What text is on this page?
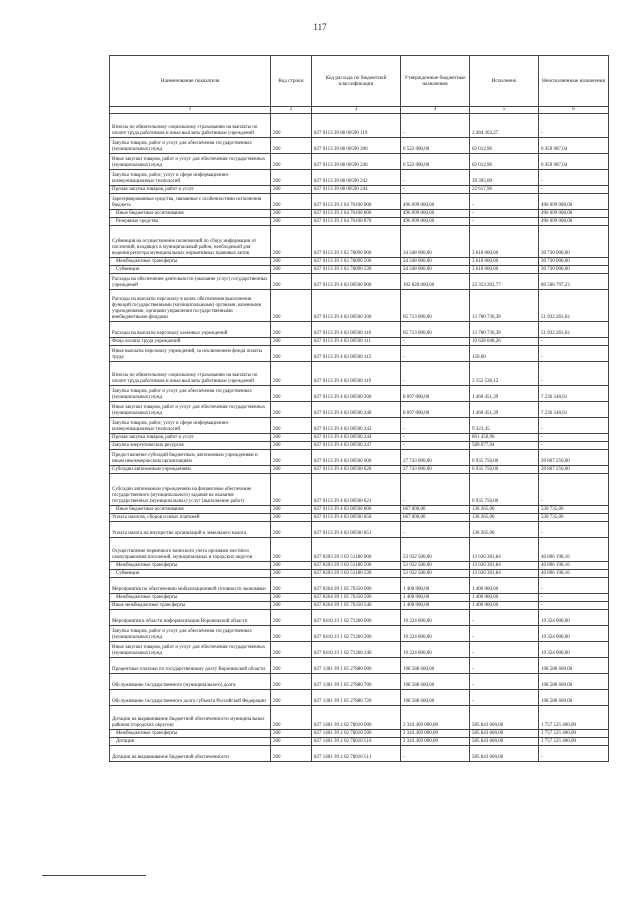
117
Наименование показателя	Код строки	Код расхода по бюджетной классификации	Утвержденные бюджетные назначения	Исполнено	Неисполненные назначения
1	2	3	4	5	6
Взносы по обязательному социальному страхованию на выплаты по оплате труда работников и иные выплаты работникам учреждений	200	827 0113 39 08 00590 119	-	2 284 303,27	-
Закупка товаров, работ и услуг для обеспечения государственных (муниципальных) нужд	200	827 0113 39 08 00590 200	6 522 000,00	62 012,96	6 459 987,04
Иные закупки товаров, работ и услуг для обеспечения государственных (муниципальных) нужд	200	827 0113 39 08 00590 240	6 522 000,00	62 012,96	6 459 987,04
Закупка товаров, работ, услуг в сфере информационно-коммуникационных технологий	200	827 0113 39 08 00590 242	-	39 395,00	-
Прочая закупка товаров, работ и услуг	200	827 0113 39 08 00590 244	-	22 617,96	-
Зарезервированные средства, связанные с особенностями исполнения бюджета	200	827 0113 39 2 04 70100 000	496 099 000,00	-	496 099 000,00
Иные бюджетные ассигнования	200	827 0113 39 2 04 70100 800	496 099 000,00	-	496 099 000,00
Резервные средства	200	827 0113 39 2 04 70100 870	496 099 000,00	-	496 099 000,00
Субвенция на осуществление полномочий по сбору информации от поселений, входящих в муниципальный район, необходимой для ведения регистра муниципальных нормативных правовых актов	200	827 0113 39 3 02 78090 000	34 348 000,00	3 618 000,00	30 730 000,00
Межбюджетные трансферты	200	827 0113 39 3 02 78090 500	34 348 000,00	3 618 000,00	30 730 000,00
Субвенции	200	827 0113 39 3 02 78090 530	34 348 000,00	3 618 000,00	30 730 000,00
Расходы на обеспечение деятельности (оказание услуг) государственных учреждений	200	827 0113 39 4 03 00590 000	102 820 000,00	22 313 202,77	80 506 797,23
Расходы на выплаты персоналу в целях обеспечения выполнения функций государственными (муниципальными) органами, казенными учреждениями, органами управления государственными внебюджетными фондами	200	827 0113 39 4 03 00590 100	65 713 000,00	13 780 736,38	51 932 263,62
Расходы на выплаты персоналу казенных учреждений	200	827 0113 39 4 03 00590 110	65 713 000,00	13 780 736,38	51 932 263,62
Фонд оплаты труда учреждений	200	827 0113 39 4 03 00590 111	-	10 628 048,26	-
Иные выплаты персоналу учреждений, за исключением фонда оплаты труда	200	827 0113 39 4 03 00590 112	-	150,00	-
Взносы по обязательному социальному страхованию на выплаты по оплате труда работников и иные выплаты работникам учреждений	200	827 0113 39 4 03 00590 119	-	3 152 538,12	-
Закупка товаров, работ и услуг для обеспечения государственных (муниципальных) нужд	200	827 0113 39 4 03 00590 200	8 697 000,00	1 460 451,39	7 236 548,61
Иные закупки товаров, работ и услуг для обеспечения государственных (муниципальных) нужд	200	827 0113 39 4 03 00590 240	8 697 000,00	1 460 451,39	7 236 548,61
Закупка товаров, работ, услуг в сфере информационно-коммуникационных технологий	200	827 0113 39 4 03 00590 242	-	9 323,45	-
Прочая закупка товаров, работ и услуг	200	827 0113 39 4 03 00590 244	-	861 450,90	-
Закупка энергетических ресурсов	200	827 0113 39 4 03 00590 247	-	589 677,04	-
Предоставление субсидий бюджетным, автономным учреждениям и иным некоммерческим организациям	200	827 0113 39 4 03 00590 600	27 743 000,00	6 935 750,00	20 807 250,00
Субсидии автономным учреждениям	200	827 0113 39 4 03 00590 620	27 743 000,00	6 935 750,00	20 807 250,00
Субсидии автономным учреждениям на финансовое обеспечение государственного (муниципального) задания на оказание государственных (муниципальных) услуг (выполнение работ)	200	827 0113 39 4 03 00590 621	-	6 935 750,00	-
Иные бюджетные ассигнования	200	827 0113 39 4 03 00590 800	667 000,00	136 265,00	530 735,00
Уплата налогов, сборов и иных платежей	200	827 0113 39 4 03 00590 850	667 000,00	136 265,00	530 735,00
Уплата налога на имущество организаций и земельного налога	200	827 0113 39 4 03 00590 851	-	136 265,00	-
Осуществление первичного воинского учета органами местного самоуправления поселений, муниципальных и городских округов	200	827 0203 39 3 03 51180 000	53 932 500,00	13 036 301,84	40 896 198,16
Межбюджетные трансферты	200	827 0203 39 3 03 51180 500	53 932 500,00	13 036 301,84	40 896 198,16
Субвенции	200	827 0203 39 3 03 51180 530	53 932 500,00	13 036 301,84	40 896 198,16
Мероприятия по обеспечению мобилизационной готовности экономики	200	827 0204 39 1 05 70350 000	1 400 000,00	1 400 000,00	-
Межбюджетные трансферты	200	827 0204 39 1 05 70350 500	1 400 000,00	1 400 000,00	-
Иные межбюджетные трансферты	200	827 0204 39 1 05 70350 540	1 400 000,00	1 400 000,00	-
Мероприятия в области информатизации Воронежской области	200	827 0410 23 1 02 71260 000	19 324 000,00	-	19 324 000,00
Закупка товаров, работ и услуг для обеспечения государственных (муниципальных) нужд	200	827 0410 23 1 02 71260 200	19 324 000,00	-	19 324 000,00
Иные закупки товаров, работ и услуг для обеспечения государственных (муниципальных) нужд	200	827 0410 23 1 02 71260 240	19 324 000,00	-	19 324 000,00
Процентные платежи по государственному долгу Воронежской области	200	827 1301 39 1 05 27880 000	198 588 600,00	-	198 588 600,00
Обслуживание государственного (муниципального) долга	200	827 1301 39 1 05 27880 700	198 588 600,00	-	198 588 600,00
Обслуживание государственного долга субъекта Российской Федерации	200	827 1301 39 1 05 27880 720	198 588 600,00	-	198 588 600,00
Дотации на выравнивание бюджетной обеспеченности муниципальных районов (городских округов)	200	827 1401 39 2 02 78010 000	2 343 369 000,00	585 843 600,00	1 757 525 400,00
Межбюджетные трансферты	200	827 1401 39 2 02 78010 500	2 343 369 000,00	585 843 600,00	1 757 525 400,00
Дотации	200	827 1401 39 2 02 78010 510	2 343 369 000,00	585 843 600,00	1 757 525 400,00
Дотации на выравнивание бюджетной обеспеченности	200	827 1401 39 2 02 78010 511	-	585 843 600,00	-
